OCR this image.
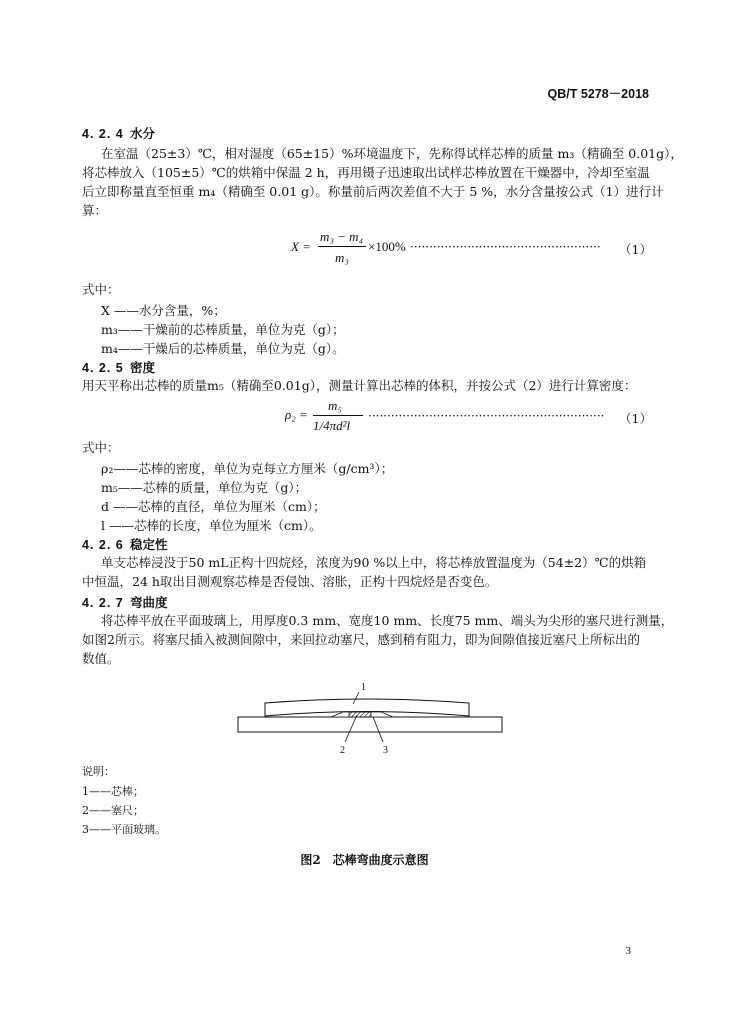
QB/T 5278－2018
4. 2. 4 水分
在室温（25±3）℃，相对湿度（65±15）%环境温度下，先称得试样芯棒的质量 m₃（精确至 0.01g），
将芯棒放入（105±5）℃的烘箱中保温 2 h，再用镊子迅速取出试样芯棒放置在干燥器中，冷却至室温
后立即称量直至恒重 m₄（精确至 0.01 g）。称量前后两次差值不大于 5 %，水分含量按公式（1）进行计
算：
X =
m₃ − m₄
m₃
×100% ··················································	（1）
式中：
X ——水分含量，%；
m₃——干燥前的芯棒质量，单位为克（g）；
m₄——干燥后的芯棒质量，单位为克（g）。
4. 2. 5 密度
用天平称出芯棒的质量m₅（精确至0.01g），测量计算出芯棒的体积，并按公式（2）进行计算密度：
ρ₂ =
m₅
1/4πd²l
······························································	（1）
式中：
ρ₂——芯棒的密度，单位为克每立方厘米（g/cm³）；
m₅——芯棒的质量，单位为克（g）；
d ——芯棒的直径，单位为厘米（cm）；
l ——芯棒的长度，单位为厘米（cm）。
4. 2. 6 稳定性
单支芯棒浸没于50 mL正构十四烷烃，浓度为90 %以上中，将芯棒放置温度为（54±2）℃的烘箱
中恒温，24 h取出目测观察芯棒是否侵蚀、溶胀，正构十四烷烃是否变色。
4. 2. 7 弯曲度
将芯棒平放在平面玻璃上，用厚度0.3 mm、宽度10 mm、长度75 mm、端头为尖形的塞尺进行测量，
如图2所示。将塞尺插入被测间隙中，来回拉动塞尺，感到稍有阻力，即为间隙值接近塞尺上所标出的
数值。
1
2	3
说明：
1——芯棒；
2——塞尺；
3——平面玻璃。
图2　芯棒弯曲度示意图
3
